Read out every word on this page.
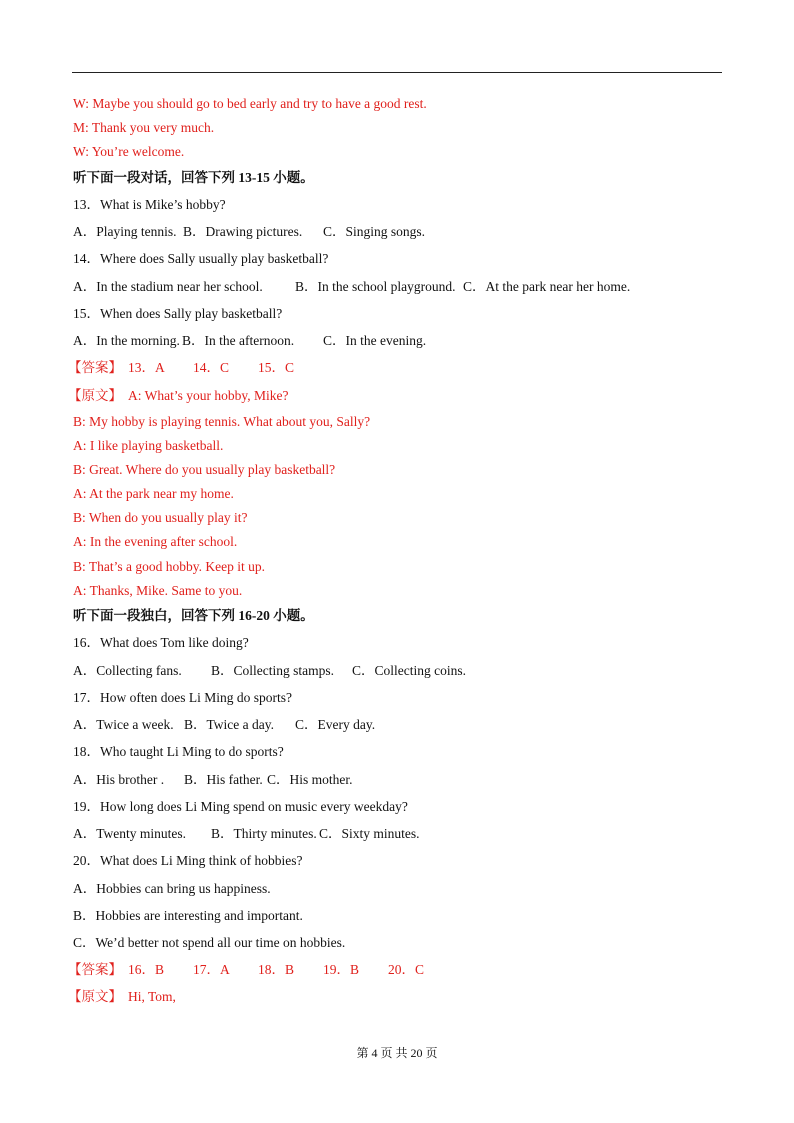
W: Maybe you should go to bed early and try to have a good rest.
M: Thank you very much.
W: You’re welcome.
听下面一段对话，回答下列 13-15 小题。
13．What is Mike’s hobby?
A．Playing tennis. B．Drawing pictures. C．Singing songs.
14．Where does Sally usually play basketball?
A．In the stadium near her school. B．In the school playground. C．At the park near her home.
15．When does Sally play basketball?
A．In the morning. B．In the afternoon. C．In the evening.
【答案】 13．A 14．C 15．C
【原文】 A: What’s your hobby, Mike?
B: My hobby is playing tennis. What about you, Sally?
A: I like playing basketball.
B: Great. Where do you usually play basketball?
A: At the park near my home.
B: When do you usually play it?
A: In the evening after school.
B: That’s a good hobby. Keep it up.
A: Thanks, Mike. Same to you.
听下面一段独白，回答下列 16-20 小题。
16．What does Tom like doing?
A．Collecting fans. B．Collecting stamps. C．Collecting coins.
17．How often does Li Ming do sports?
A．Twice a week. B．Twice a day. C．Every day.
18．Who taught Li Ming to do sports?
A．His brother . B．His father. C．His mother.
19．How long does Li Ming spend on music every weekday?
A．Twenty minutes. B．Thirty minutes. C．Sixty minutes.
20．What does Li Ming think of hobbies?
A．Hobbies can bring us happiness.
B．Hobbies are interesting and important.
C．We’d better not spend all our time on hobbies.
【答案】 16．B 17．A 18．B 19．B 20．C
【原文】 Hi, Tom,
第 4 页 共 20 页
